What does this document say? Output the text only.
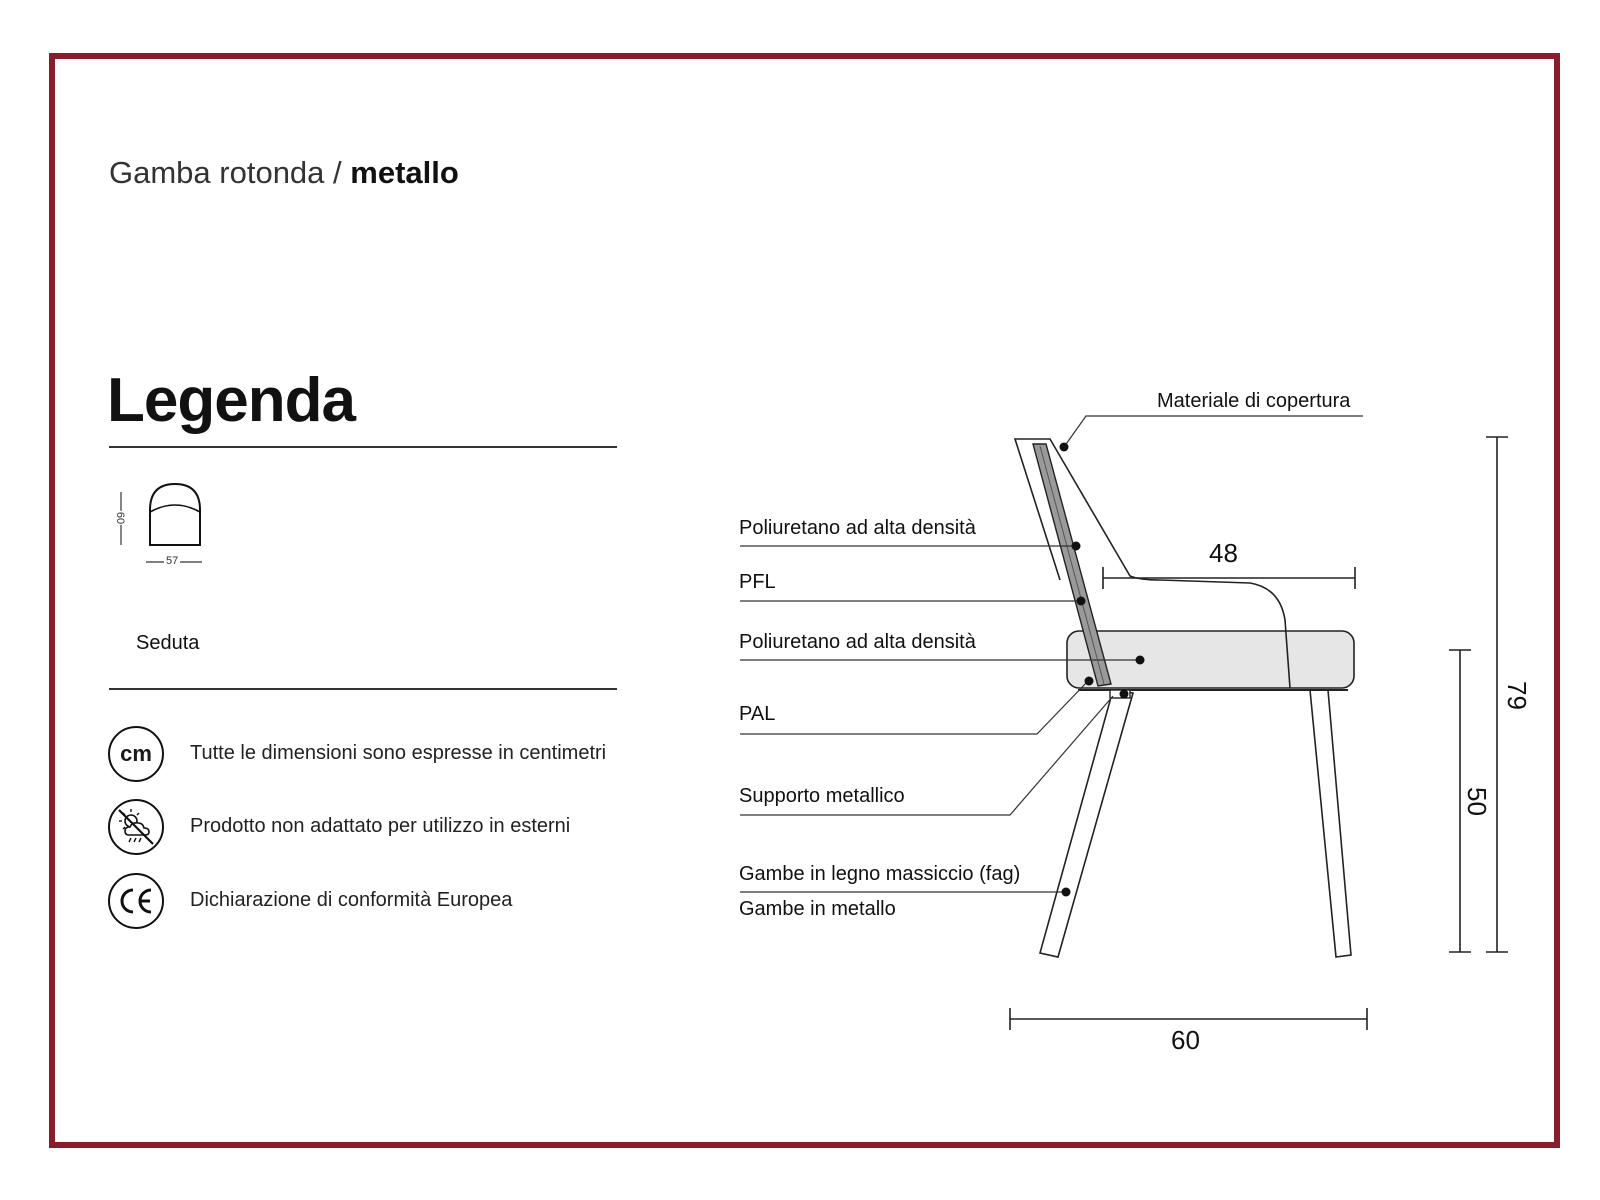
Gamba rotonda / metallo
Legenda
60
57
Seduta
cm Tutte le dimensioni sono espresse in centimetri
Prodotto non adattato per utilizzo in esterni
Dichiarazione di conformità Europea
Materiale di copertura
Poliuretano ad alta densità
PFL
Poliuretano ad alta densità
PAL
Supporto metallico
Gambe in legno massiccio (fag)
Gambe in metallo
48
60
50
79
